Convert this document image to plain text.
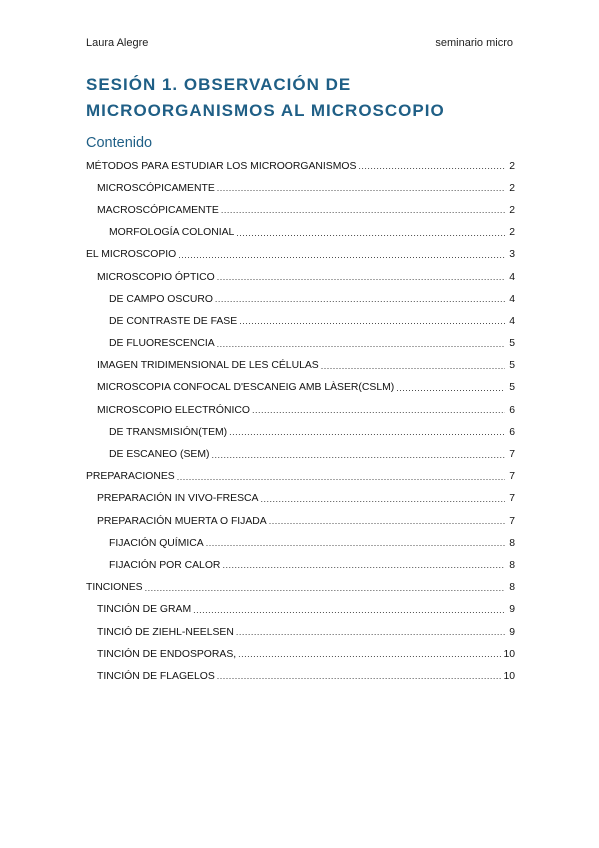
Laura Alegre	seminario micro
SESIÓN 1. OBSERVACIÓN DE MICROORGANISMOS AL MICROSCOPIO
Contenido
MÉTODOS PARA ESTUDIAR LOS MICROORGANISMOS .....	2
MICROSCÓPICAMENTE .....	2
MACROSCÓPICAMENTE .....	2
MORFOLOGÍA COLONIAL .....	2
EL MICROSCOPIO .....	3
MICROSCOPIO ÓPTICO .....	4
DE CAMPO OSCURO .....	4
DE CONTRASTE DE FASE .....	4
DE FLUORESCENCIA .....	5
IMAGEN TRIDIMENSIONAL DE LES CÉLULAS .....	5
MICROSCOPIA CONFOCAL D'ESCANEIG AMB LÀSER(CSLM) .....	5
MICROSCOPIO ELECTRÓNICO .....	6
DE TRANSMISIÓN(TEM) .....	6
DE ESCANEO (SEM) .....	7
PREPARACIONES .....	7
PREPARACIÓN IN VIVO-FRESCA .....	7
PREPARACIÓN MUERTA O FIJADA .....	7
FIJACIÓN QUÍMICA .....	8
FIJACIÓN POR CALOR .....	8
TINCIONES .....	8
TINCIÓN DE GRAM .....	9
TINCIÓ DE ZIEHL-NEELSEN .....	9
TINCIÓN DE ENDOSPORAS, .....	10
TINCIÓN DE FLAGELOS .....	10
